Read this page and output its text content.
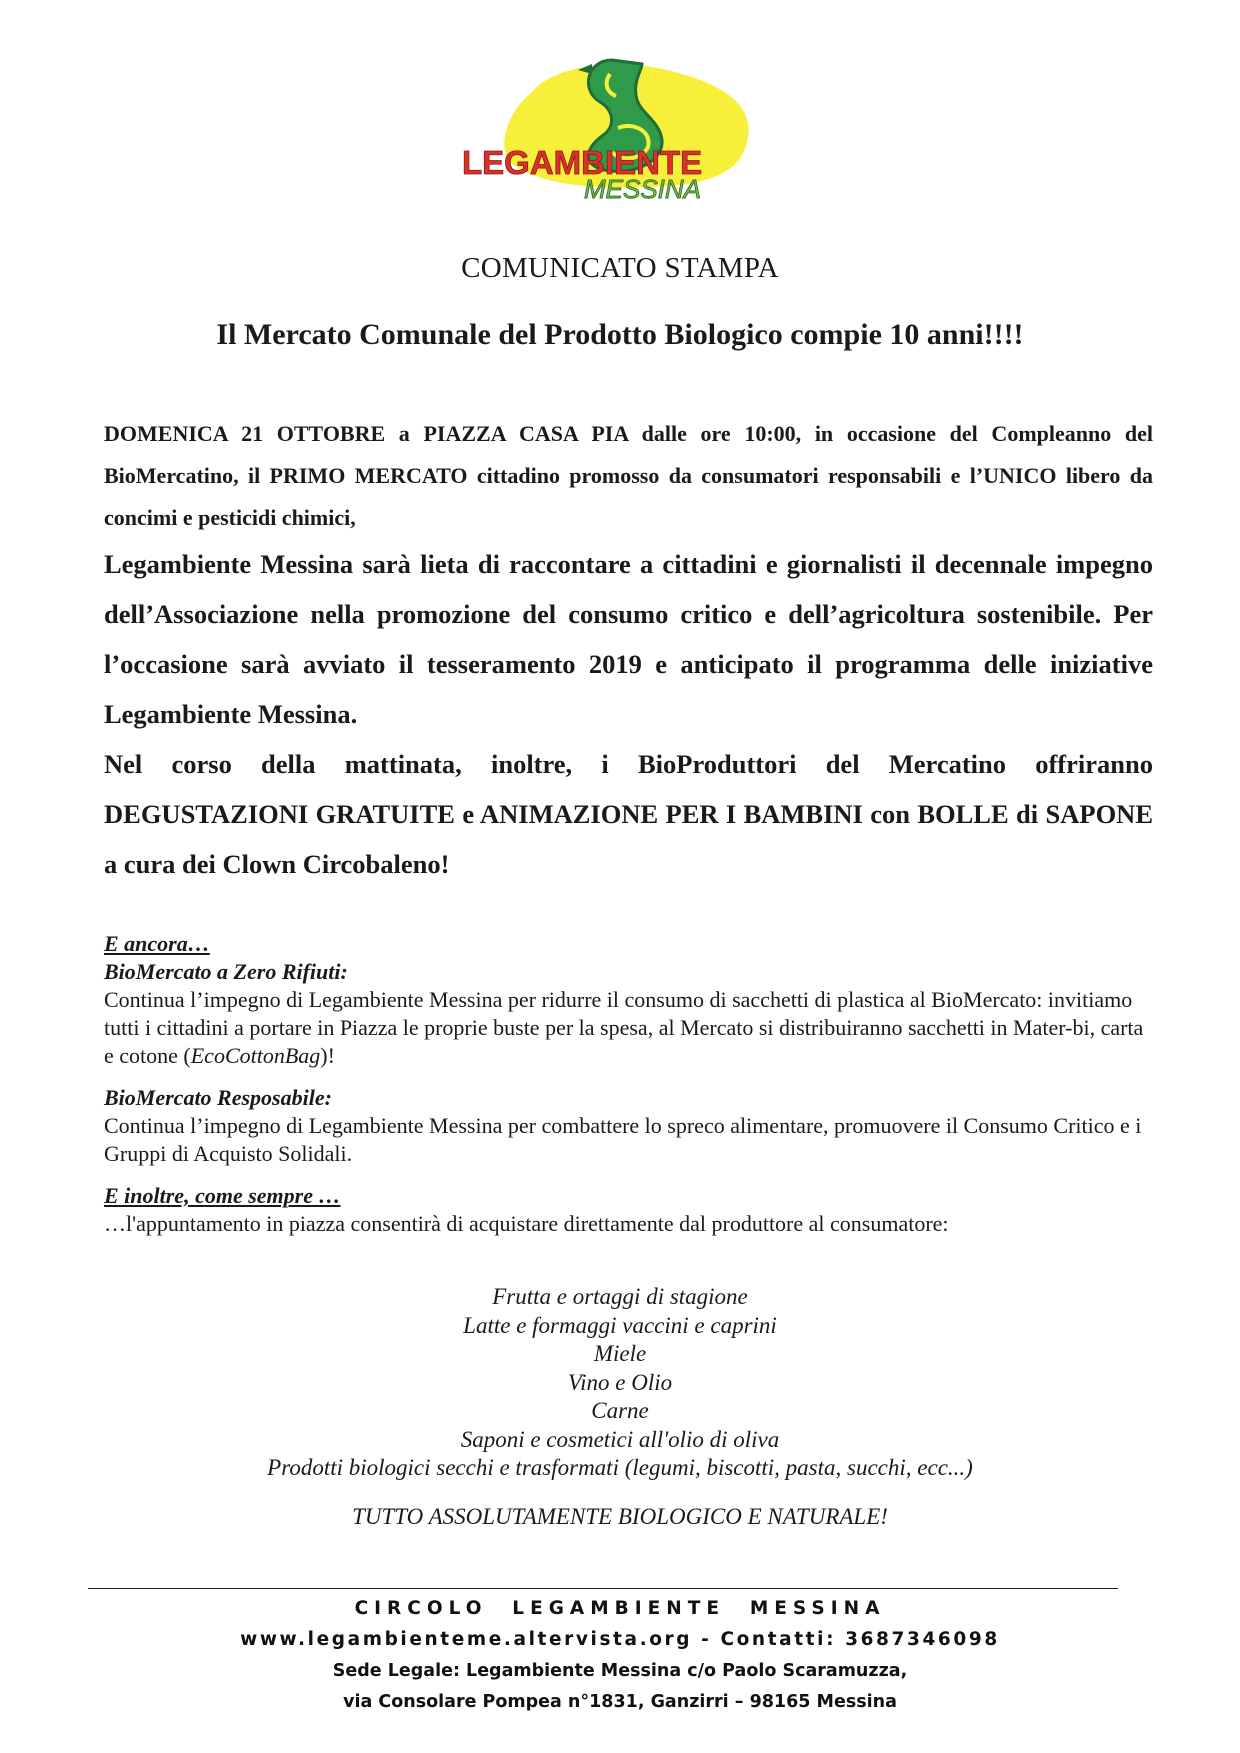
LEGAMBIENTE
MESSINA
COMUNICATO STAMPA
Il Mercato Comunale del Prodotto Biologico compie 10 anni!!!!

DOMENICA 21 OTTOBRE a PIAZZA CASA PIA dalle ore 10:00, in occasione del Compleanno del BioMercatino, il PRIMO MERCATO cittadino promosso da consumatori responsabili e l’UNICO libero da concimi e pesticidi chimici,

Legambiente Messina sarà lieta di raccontare a cittadini e giornalisti il decennale impegno dell’Associazione nella promozione del consumo critico e dell’agricoltura sostenibile. Per l’occasione sarà avviato il tesseramento 2019 e anticipato il programma delle iniziative Legambiente Messina.

Nel corso della mattinata, inoltre, i BioProduttori del Mercatino offriranno DEGUSTAZIONI GRATUITE e ANIMAZIONE PER I BAMBINI con BOLLE di SAPONE a cura dei Clown Circobaleno!

E ancora…

BioMercato a Zero Rifiuti:

Continua l’impegno di Legambiente Messina per ridurre il consumo di sacchetti di plastica al BioMercato: invitiamo tutti i cittadini a portare in Piazza le proprie buste per la spesa, al Mercato si distribuiranno sacchetti in Mater-bi, carta e cotone (EcoCottonBag)!

BioMercato Resposabile:

Continua l’impegno di Legambiente Messina per combattere lo spreco alimentare, promuovere il Consumo Critico e i Gruppi di Acquisto Solidali.

E inoltre, come sempre …

…l'appuntamento in piazza consentirà di acquistare direttamente dal produttore al consumatore:

Frutta e ortaggi di stagione
Latte e formaggi vaccini e caprini
Miele
Vino e Olio
Carne
Saponi e cosmetici all'olio di oliva
Prodotti biologici secchi e trasformati (legumi, biscotti, pasta, succhi, ecc...)
TUTTO ASSOLUTAMENTE BIOLOGICO E NATURALE!
CIRCOLO  LEGAMBIENTE  MESSINA
www.legambienteme.altervista.org - Contatti: 3687346098
Sede Legale: Legambiente Messina c/o Paolo Scaramuzza,
via Consolare Pompea n°1831, Ganzirri – 98165 Messina
